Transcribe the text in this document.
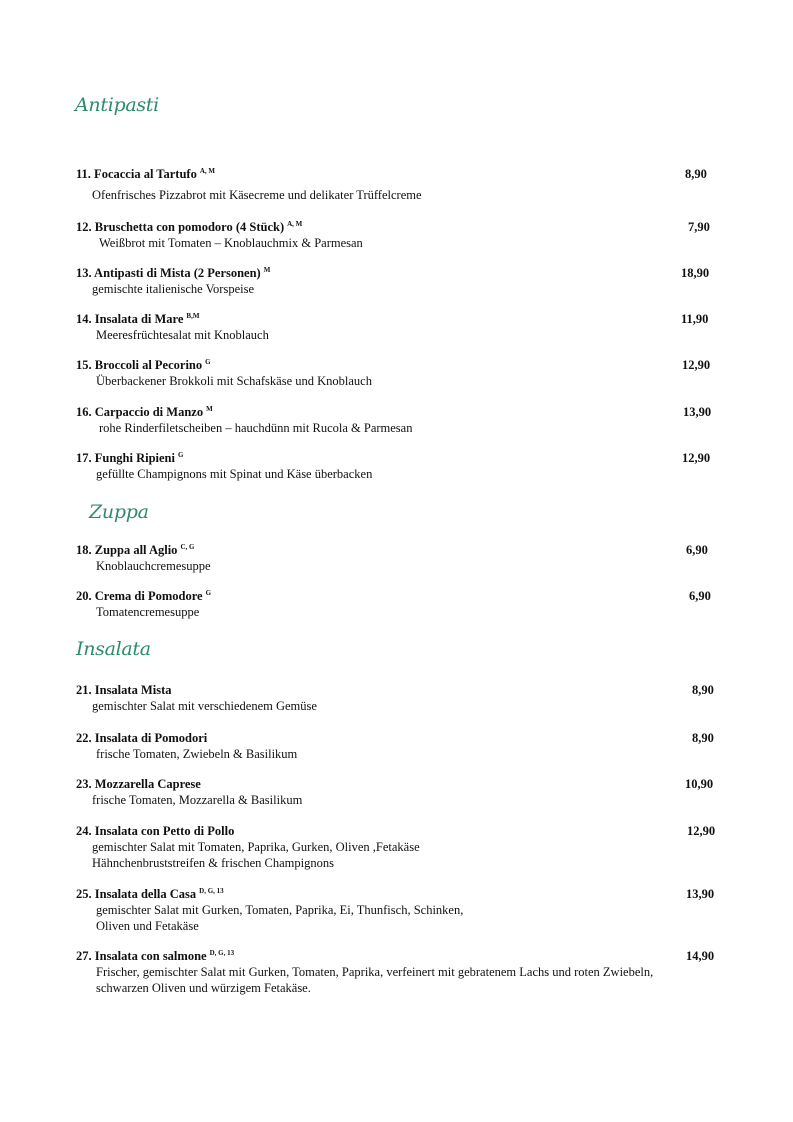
Antipasti
Zuppa
Insalata
11. Focaccia al Tartufo $^{A, M}$	8,90
Ofenfrisches Pizzabrot mit Käsecreme und delikater Trüffelcreme
12. Bruschetta con pomodoro (4 Stück) $^{A, M}$	7,90
Weißbrot mit Tomaten – Knoblauchmix & Parmesan
13. Antipasti di Mista (2 Personen) $^M$	18,90
gemischte italienische Vorspeise
14. Insalata di Mare $^{B,M}$	11,90
Meeresfrüchtesalat mit Knoblauch
15. Broccoli al Pecorino $^G$	12,90
Überbackener Brokkoli mit Schafskäse und Knoblauch
16. Carpaccio di Manzo $^M$	13,90
rohe Rinderfiletscheiben – hauchdünn mit Rucola & Parmesan
17. Funghi Ripieni $^G$	12,90
gefüllte Champignons mit Spinat und Käse überbacken
18. Zuppa all Aglio $^{C, G}$	6,90
Knoblauchcremesuppe
20. Crema di Pomodore $^G$	6,90
Tomatencremesuppe
21. Insalata Mista	8,90
gemischter Salat mit verschiedenem Gemüse
22. Insalata di Pomodori	8,90
frische Tomaten, Zwiebeln & Basilikum
23. Mozzarella Caprese	10,90
frische Tomaten, Mozzarella & Basilikum
24. Insalata con Petto di Pollo	12,90
gemischter Salat mit Tomaten, Paprika, Gurken, Oliven ,Fetakäse
Hähnchenbruststreifen & frischen Champignons
25. Insalata della Casa $^{D, G, 13}$	13,90
gemischter Salat mit Gurken, Tomaten, Paprika, Ei, Thunfisch, Schinken,
Oliven und Fetakäse
27. Insalata con salmone $^{D, G, 13}$	14,90
Frischer, gemischter Salat mit Gurken, Tomaten, Paprika, verfeinert mit gebratenem Lachs und roten Zwiebeln,
schwarzen Oliven und würzigem Fetakäse.
